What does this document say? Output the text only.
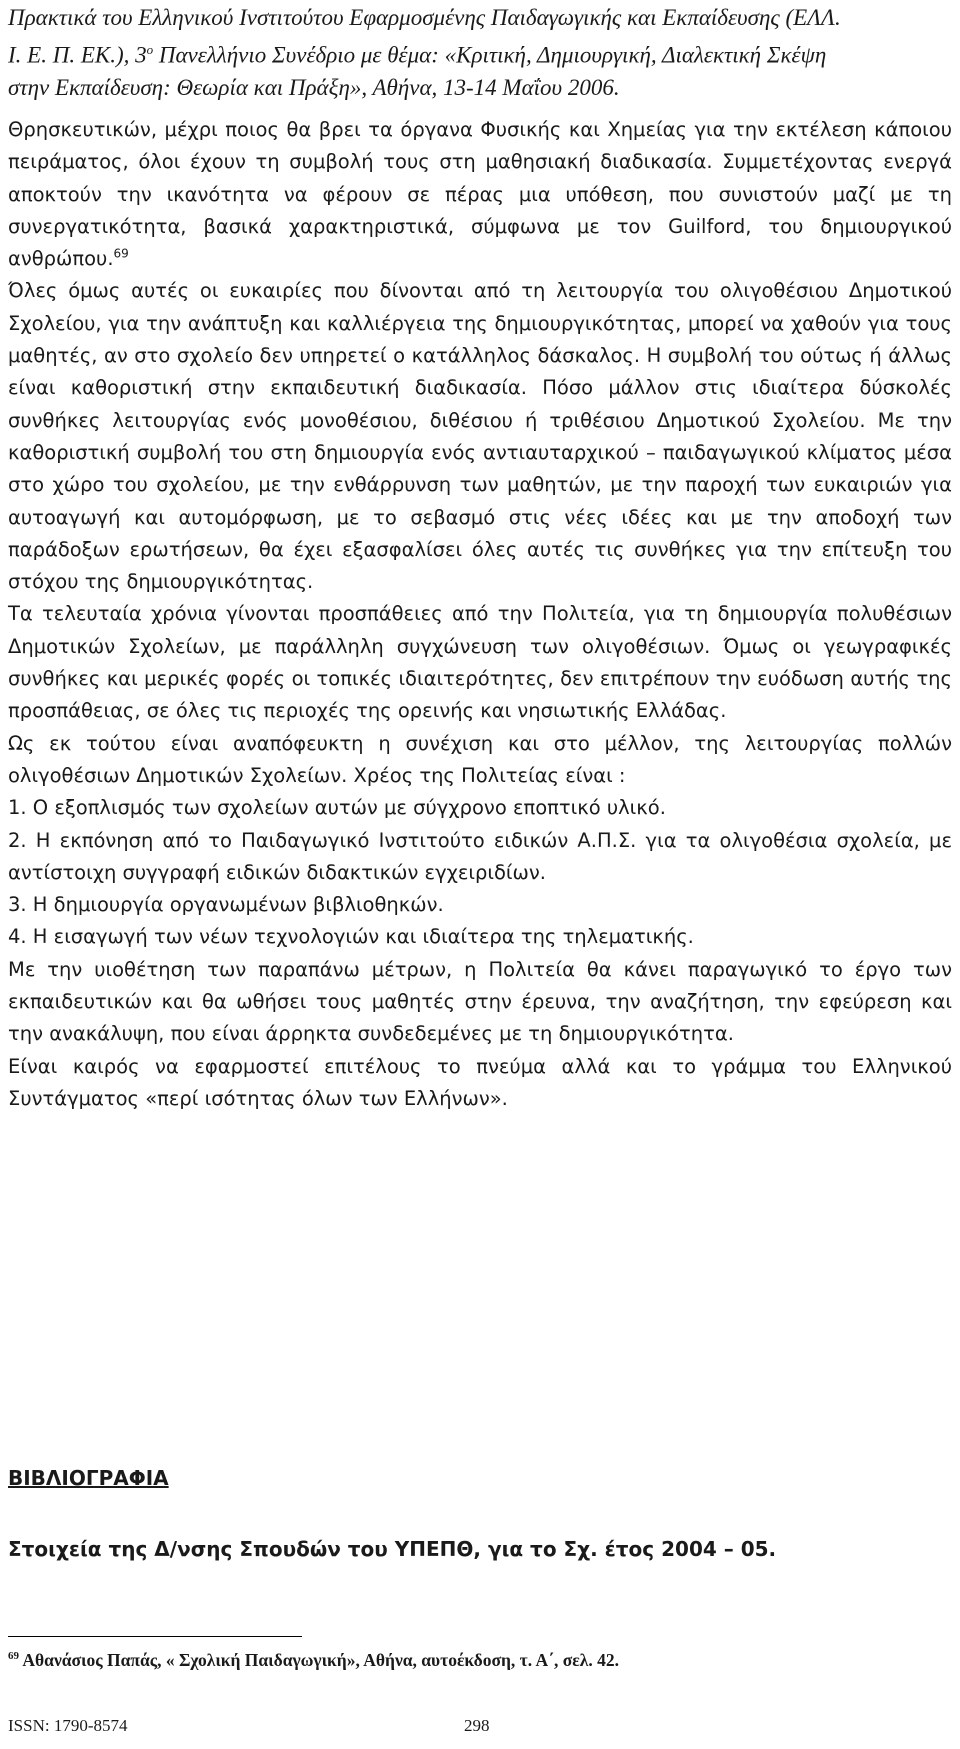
Πρακτικά του Ελληνικού Ινστιτούτου Εφαρμοσμένης Παιδαγωγικής και Εκπαίδευσης (ΕΛΛ.
Ι. Ε. Π. ΕΚ.), $3^o$ Πανελλήνιο Συνέδριο με θέμα: «Κριτική, Δημιουργική, Διαλεκτική Σκέψη
στην Εκπαίδευση: Θεωρία και Πράξη», Αθήνα, 13-14 Μαΐου 2006.

Θρησκευτικών, μέχρι ποιος θα βρει τα όργανα Φυσικής και Χημείας για την εκτέλεση κάποιου πειράματος, όλοι έχουν τη συμβολή τους στη μαθησιακή διαδικασία. Συμμετέχοντας ενεργά αποκτούν την ικανότητα να φέρουν σε πέρας μια υπόθεση, που συνιστούν μαζί με τη συνεργατικότητα, βασικά χαρακτηριστικά, σύμφωνα με τον Guilford, του δημιουργικού ανθρώπου.$^{69}$

Όλες όμως αυτές οι ευκαιρίες που δίνονται από τη λειτουργία του ολιγοθέσιου Δημοτικού Σχολείου, για την ανάπτυξη και καλλιέργεια της δημιουργικότητας, μπορεί να χαθούν για τους μαθητές, αν στο σχολείο δεν υπηρετεί ο κατάλληλος δάσκαλος. Η συμβολή του ούτως ή άλλως είναι καθοριστική στην εκπαιδευτική διαδικασία. Πόσο μάλλον στις ιδιαίτερα δύσκολές συνθήκες λειτουργίας ενός μονοθέσιου, διθέσιου ή τριθέσιου Δημοτικού Σχολείου. Με την καθοριστική συμβολή του στη δημιουργία ενός αντιαυταρχικού – παιδαγωγικού κλίματος μέσα στο χώρο του σχολείου, με την ενθάρρυνση των μαθητών, με την παροχή των ευκαιριών για αυτοαγωγή και αυτομόρφωση, με το σεβασμό στις νέες ιδέες και με την αποδοχή των παράδοξων ερωτήσεων, θα έχει εξασφαλίσει όλες αυτές τις συνθήκες για την επίτευξη του στόχου της δημιουργικότητας.

Τα τελευταία χρόνια γίνονται προσπάθειες από την Πολιτεία, για τη δημιουργία πολυθέσιων Δημοτικών Σχολείων, με παράλληλη συγχώνευση των ολιγοθέσιων. Όμως οι γεωγραφικές συνθήκες και μερικές φορές οι τοπικές ιδιαιτερότητες, δεν επιτρέπουν την ευόδωση αυτής της προσπάθειας, σε όλες τις περιοχές της ορεινής και νησιωτικής Ελλάδας.

Ως εκ τούτου είναι αναπόφευκτη η συνέχιση και στο μέλλον, της λειτουργίας πολλών ολιγοθέσιων Δημοτικών Σχολείων. Χρέος της Πολιτείας είναι :

1. Ο εξοπλισμός των σχολείων αυτών με σύγχρονο εποπτικό υλικό.

2. Η εκπόνηση από το Παιδαγωγικό Ινστιτούτο ειδικών Α.Π.Σ. για τα ολιγοθέσια σχολεία, με αντίστοιχη συγγραφή ειδικών διδακτικών εγχειριδίων.

3. Η δημιουργία οργανωμένων βιβλιοθηκών.

4. Η εισαγωγή των νέων τεχνολογιών και ιδιαίτερα της τηλεματικής.

Με την υιοθέτηση των παραπάνω μέτρων, η Πολιτεία θα κάνει παραγωγικό το έργο των εκπαιδευτικών και θα ωθήσει τους μαθητές στην έρευνα, την αναζήτηση, την εφεύρεση και την ανακάλυψη, που είναι άρρηκτα συνδεδεμένες με τη δημιουργικότητα.

Είναι καιρός να εφαρμοστεί επιτέλους το πνεύμα αλλά και το γράμμα του Ελληνικού Συντάγματος «περί ισότητας όλων των Ελλήνων».

ΒΙΒΛΙΟΓΡΑΦΙΑ
Στοιχεία της Δ/νσης Σπουδών του ΥΠΕΠΘ, για το Σχ. έτος 2004 – 05.
$^{69}$ Αθανάσιος Παπάς, « Σχολική Παιδαγωγική», Αθήνα, αυτοέκδοση, τ. Α΄, σελ. 42.
ISSN: 1790-8574	298
